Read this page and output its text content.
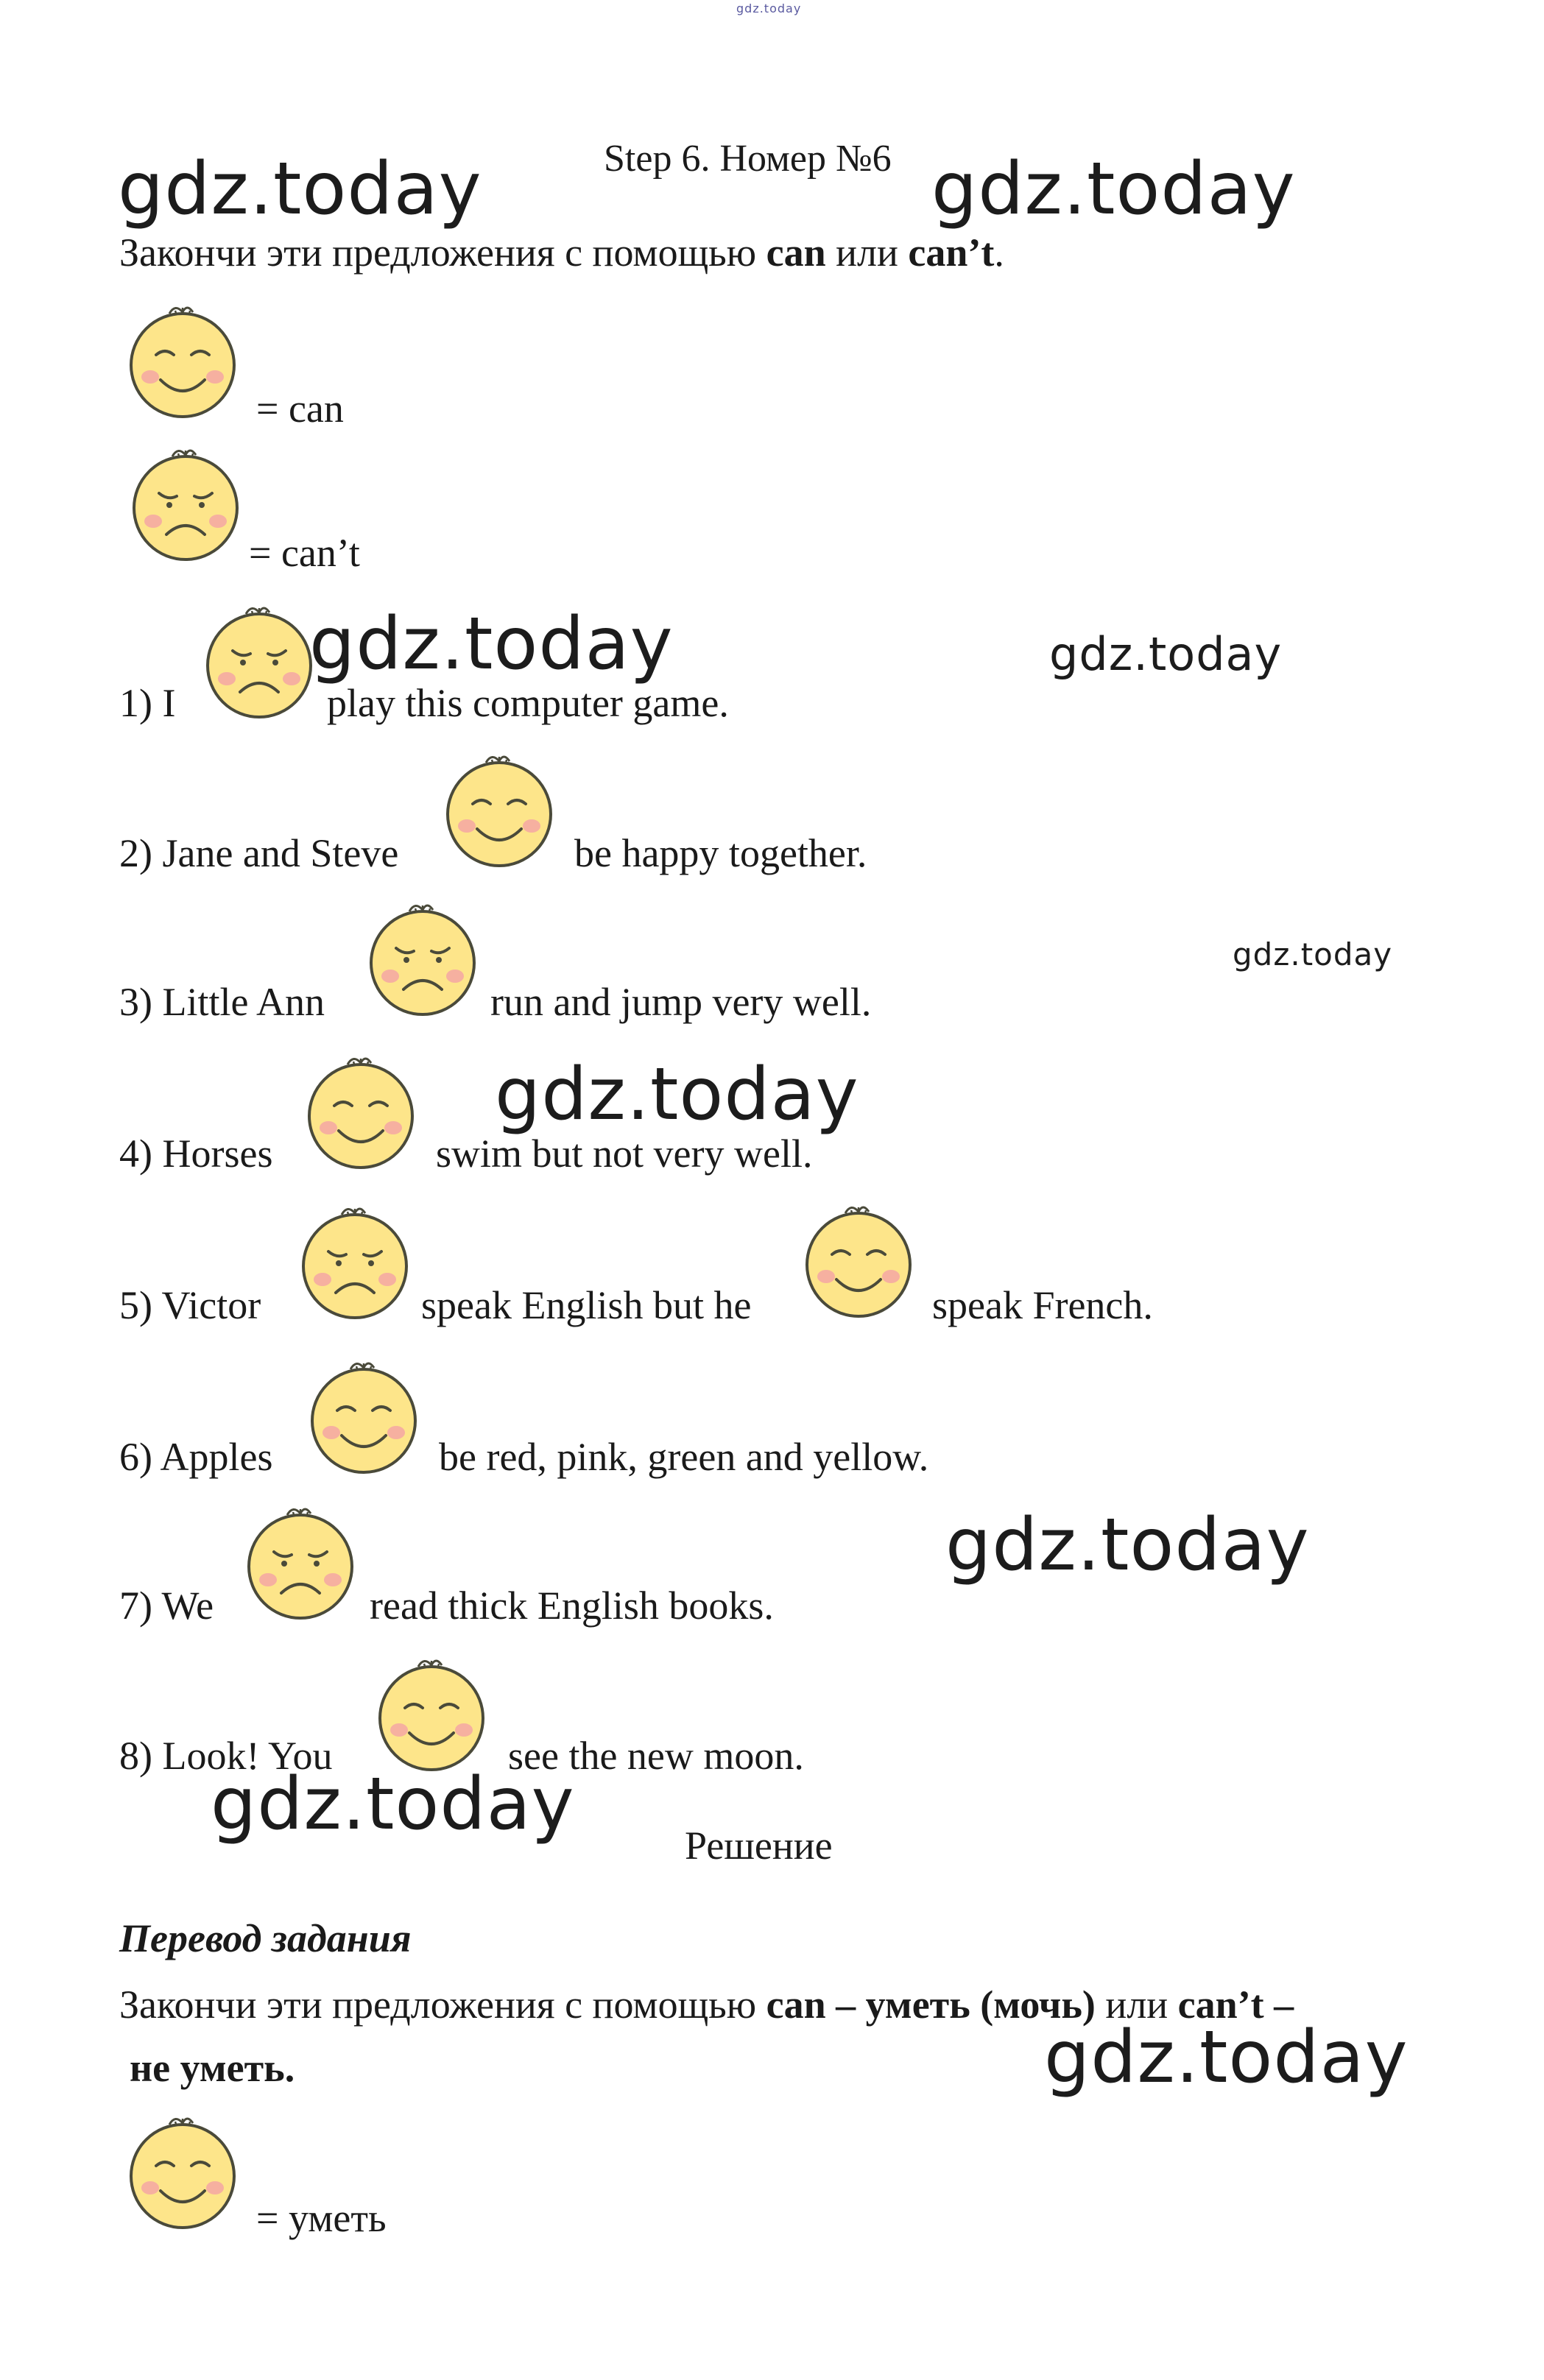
gdz.today
Step 6. Номер №6
gdz.today	gdz.today
Закончи эти предложения с помощью can или can’t.
= can
= can’t
1) I	play this computer game.
gdz.today	gdz.today
2) Jane and Steve	be happy together.
3) Little Ann	run and jump very well.
gdz.today
4) Horses	swim but not very well.
gdz.today
5) Victor	speak English but he	speak French.
6) Apples	be red, pink, green and yellow.
7) We	read thick English books.
gdz.today
8) Look! You	see the new moon.
gdz.today	Решение
Перевод задания
Закончи эти предложения с помощью can – уметь (мочь) или can’t –
не уметь.	gdz.today
= уметь
